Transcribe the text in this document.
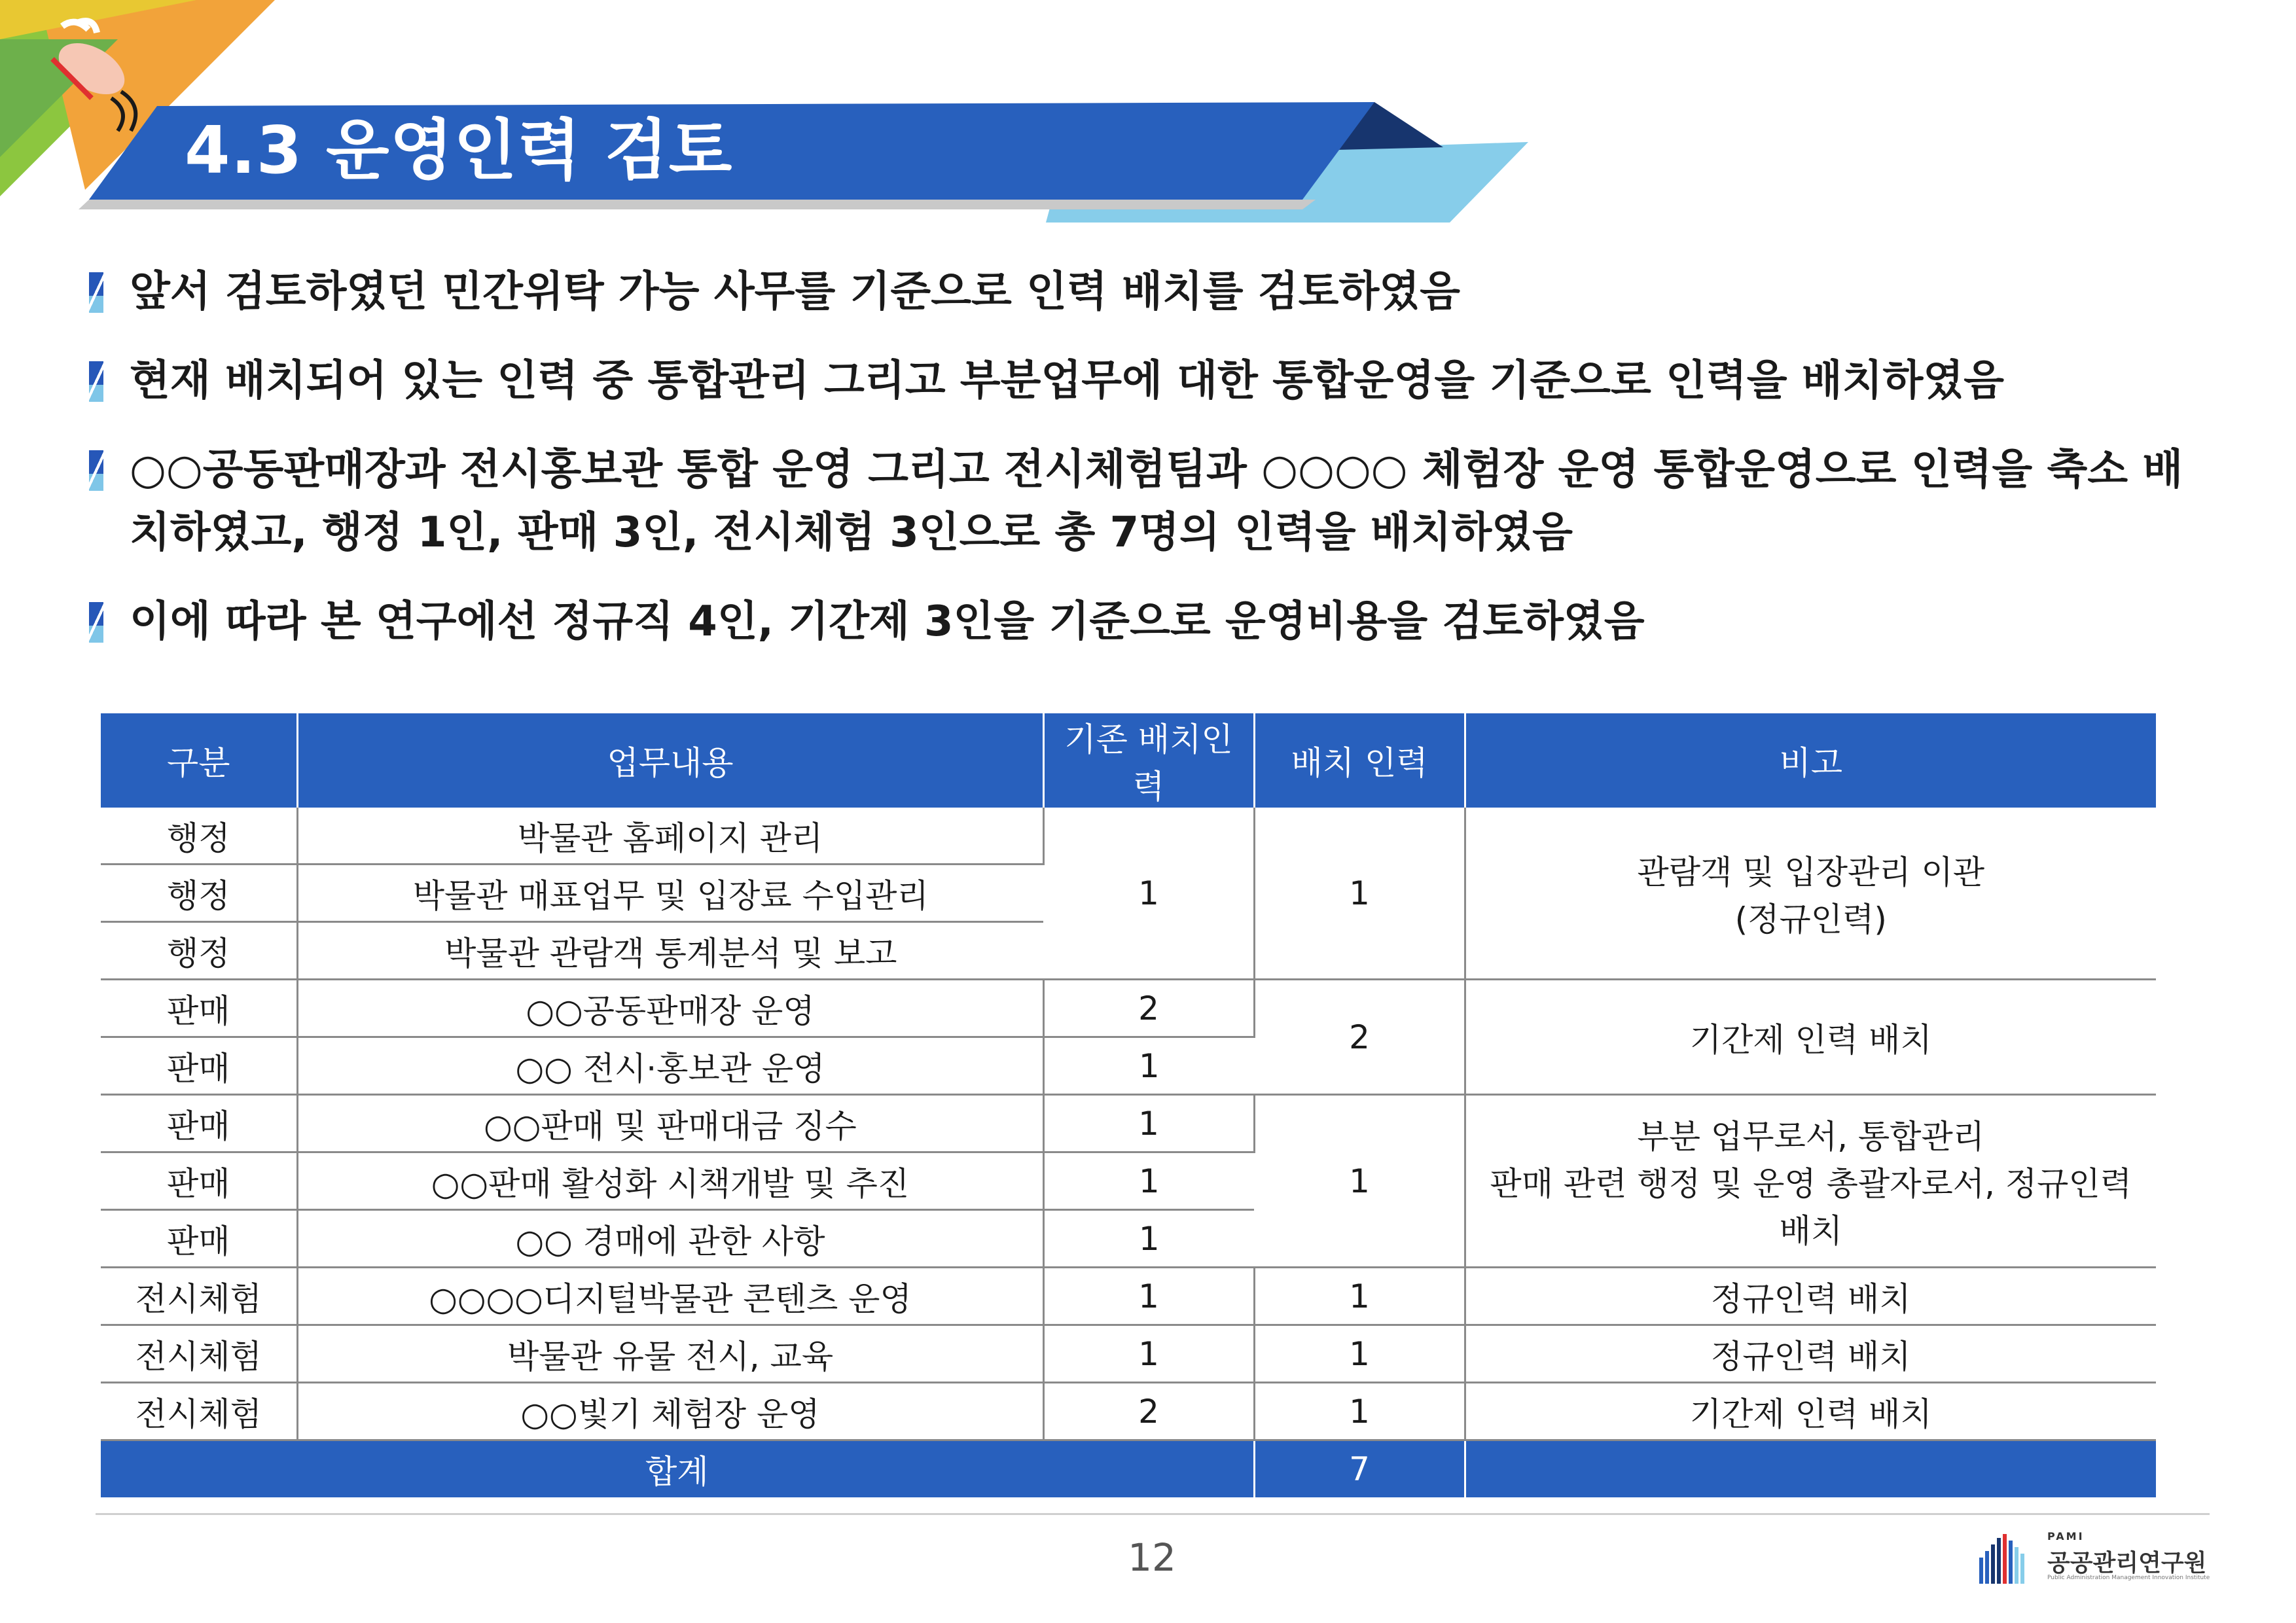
4.3 운영인력 검토
앞서 검토하였던 민간위탁 가능 사무를 기준으로 인력 배치를 검토하였음
현재 배치되어 있는 인력 중 통합관리 그리고 부분업무에 대한 통합운영을 기준으로 인력을 배치하였음
○○공동판매장과 전시홍보관 통합 운영 그리고 전시체험팀과 ○○○○ 체험장 운영 통합운영으로 인력을 축소 배치하였고, 행정 1인, 판매 3인, 전시체험 3인으로 총 7명의 인력을 배치하였음
이에 따라 본 연구에선 정규직 4인, 기간제 3인을 기준으로 운영비용을 검토하였음
구분	업무내용	기존 배치인력	배치 인력	비고
행정	박물관 홈페이지 관리	1	1	관람객 및 입장관리 이관
(정규인력)

행정	박물관 매표업무 및 입장료 수입관리			
행정	박물관 관람객 통계분석 및 보고			
판매	○○공동판매장 운영	2	2	기간제 인력 배치
판매	○○ 전시·홍보관 운영	1		
판매	○○판매 및 판매대금 징수	1	1	부분 업무로서, 통합관리
판매 관련 행정 및 운영 총괄자로서, 정규인력 배치

판매	○○판매 활성화 시책개발 및 추진	1		
판매	○○ 경매에 관한 사항	1		
전시체험	○○○○디지털박물관 콘텐츠 운영	1	1	정규인력 배치
전시체험	박물관 유물 전시, 교육	1	1	정규인력 배치
전시체험	○○빛기 체험장 운영	2	1	기간제 인력 배치
합계			7	
12	PAMI
공공관리연구원
Public Administration Management Innovation Institute
